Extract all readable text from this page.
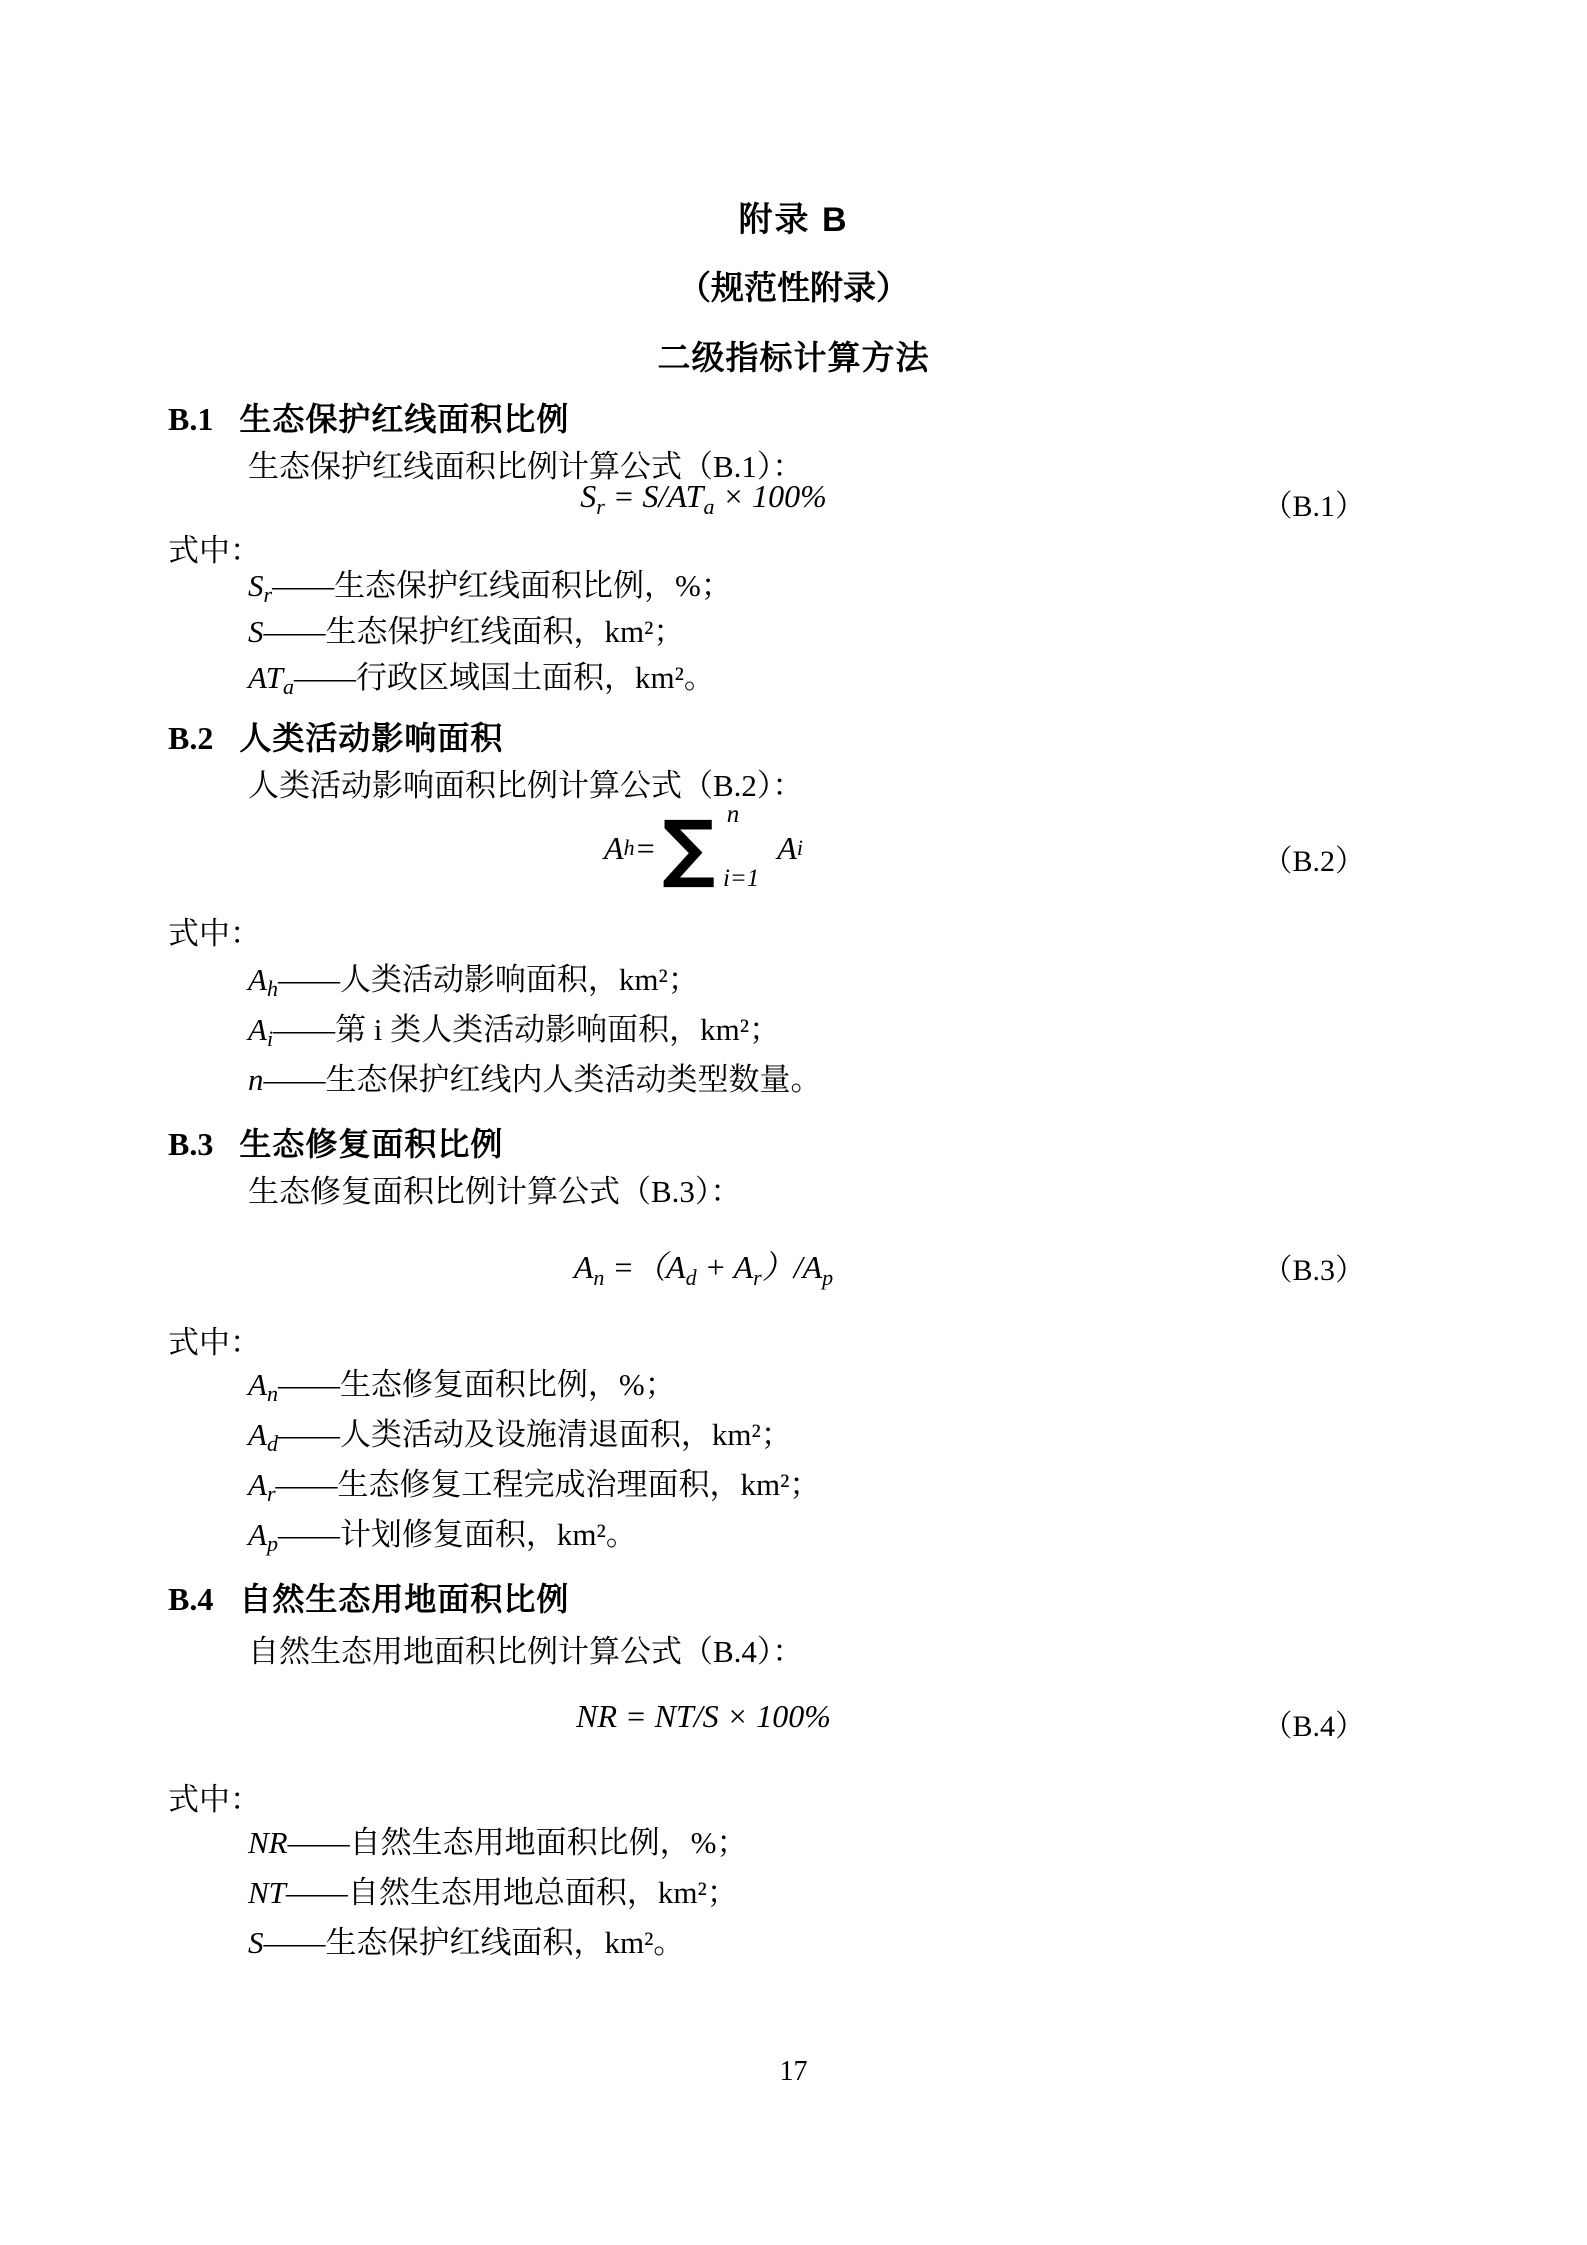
附录 B
（规范性附录）
二级指标计算方法
B.1 生态保护红线面积比例
生态保护红线面积比例计算公式（B.1）：
$S_r = S/AT_a \times 100\%$	（B.1）
式中：
Sr——生态保护红线面积比例，%；
S——生态保护红线面积，km²；
ATa——行政区域国土面积，km²。
B.2 人类活动影响面积
人类活动影响面积比例计算公式（B.2）：
A h = ∑ n
i=1
A i	（B.2）
式中：
Ah——人类活动影响面积，km²；
Ai——第 i 类人类活动影响面积，km²；
n——生态保护红线内人类活动类型数量。
B.3 生态修复面积比例
生态修复面积比例计算公式（B.3）：
$A_n =(A_d + A_r)/A_p$	（B.3）
式中：
An——生态修复面积比例，%；
Ad——人类活动及设施清退面积，km²；
Ar——生态修复工程完成治理面积，km²；
Ap——计划修复面积，km²。
B.4 自然生态用地面积比例
自然生态用地面积比例计算公式（B.4）：
NR = NT/S × 100%	（B.4）
式中：
NR——自然生态用地面积比例，%；
NT——自然生态用地总面积，km²；
S——生态保护红线面积，km²。
17
